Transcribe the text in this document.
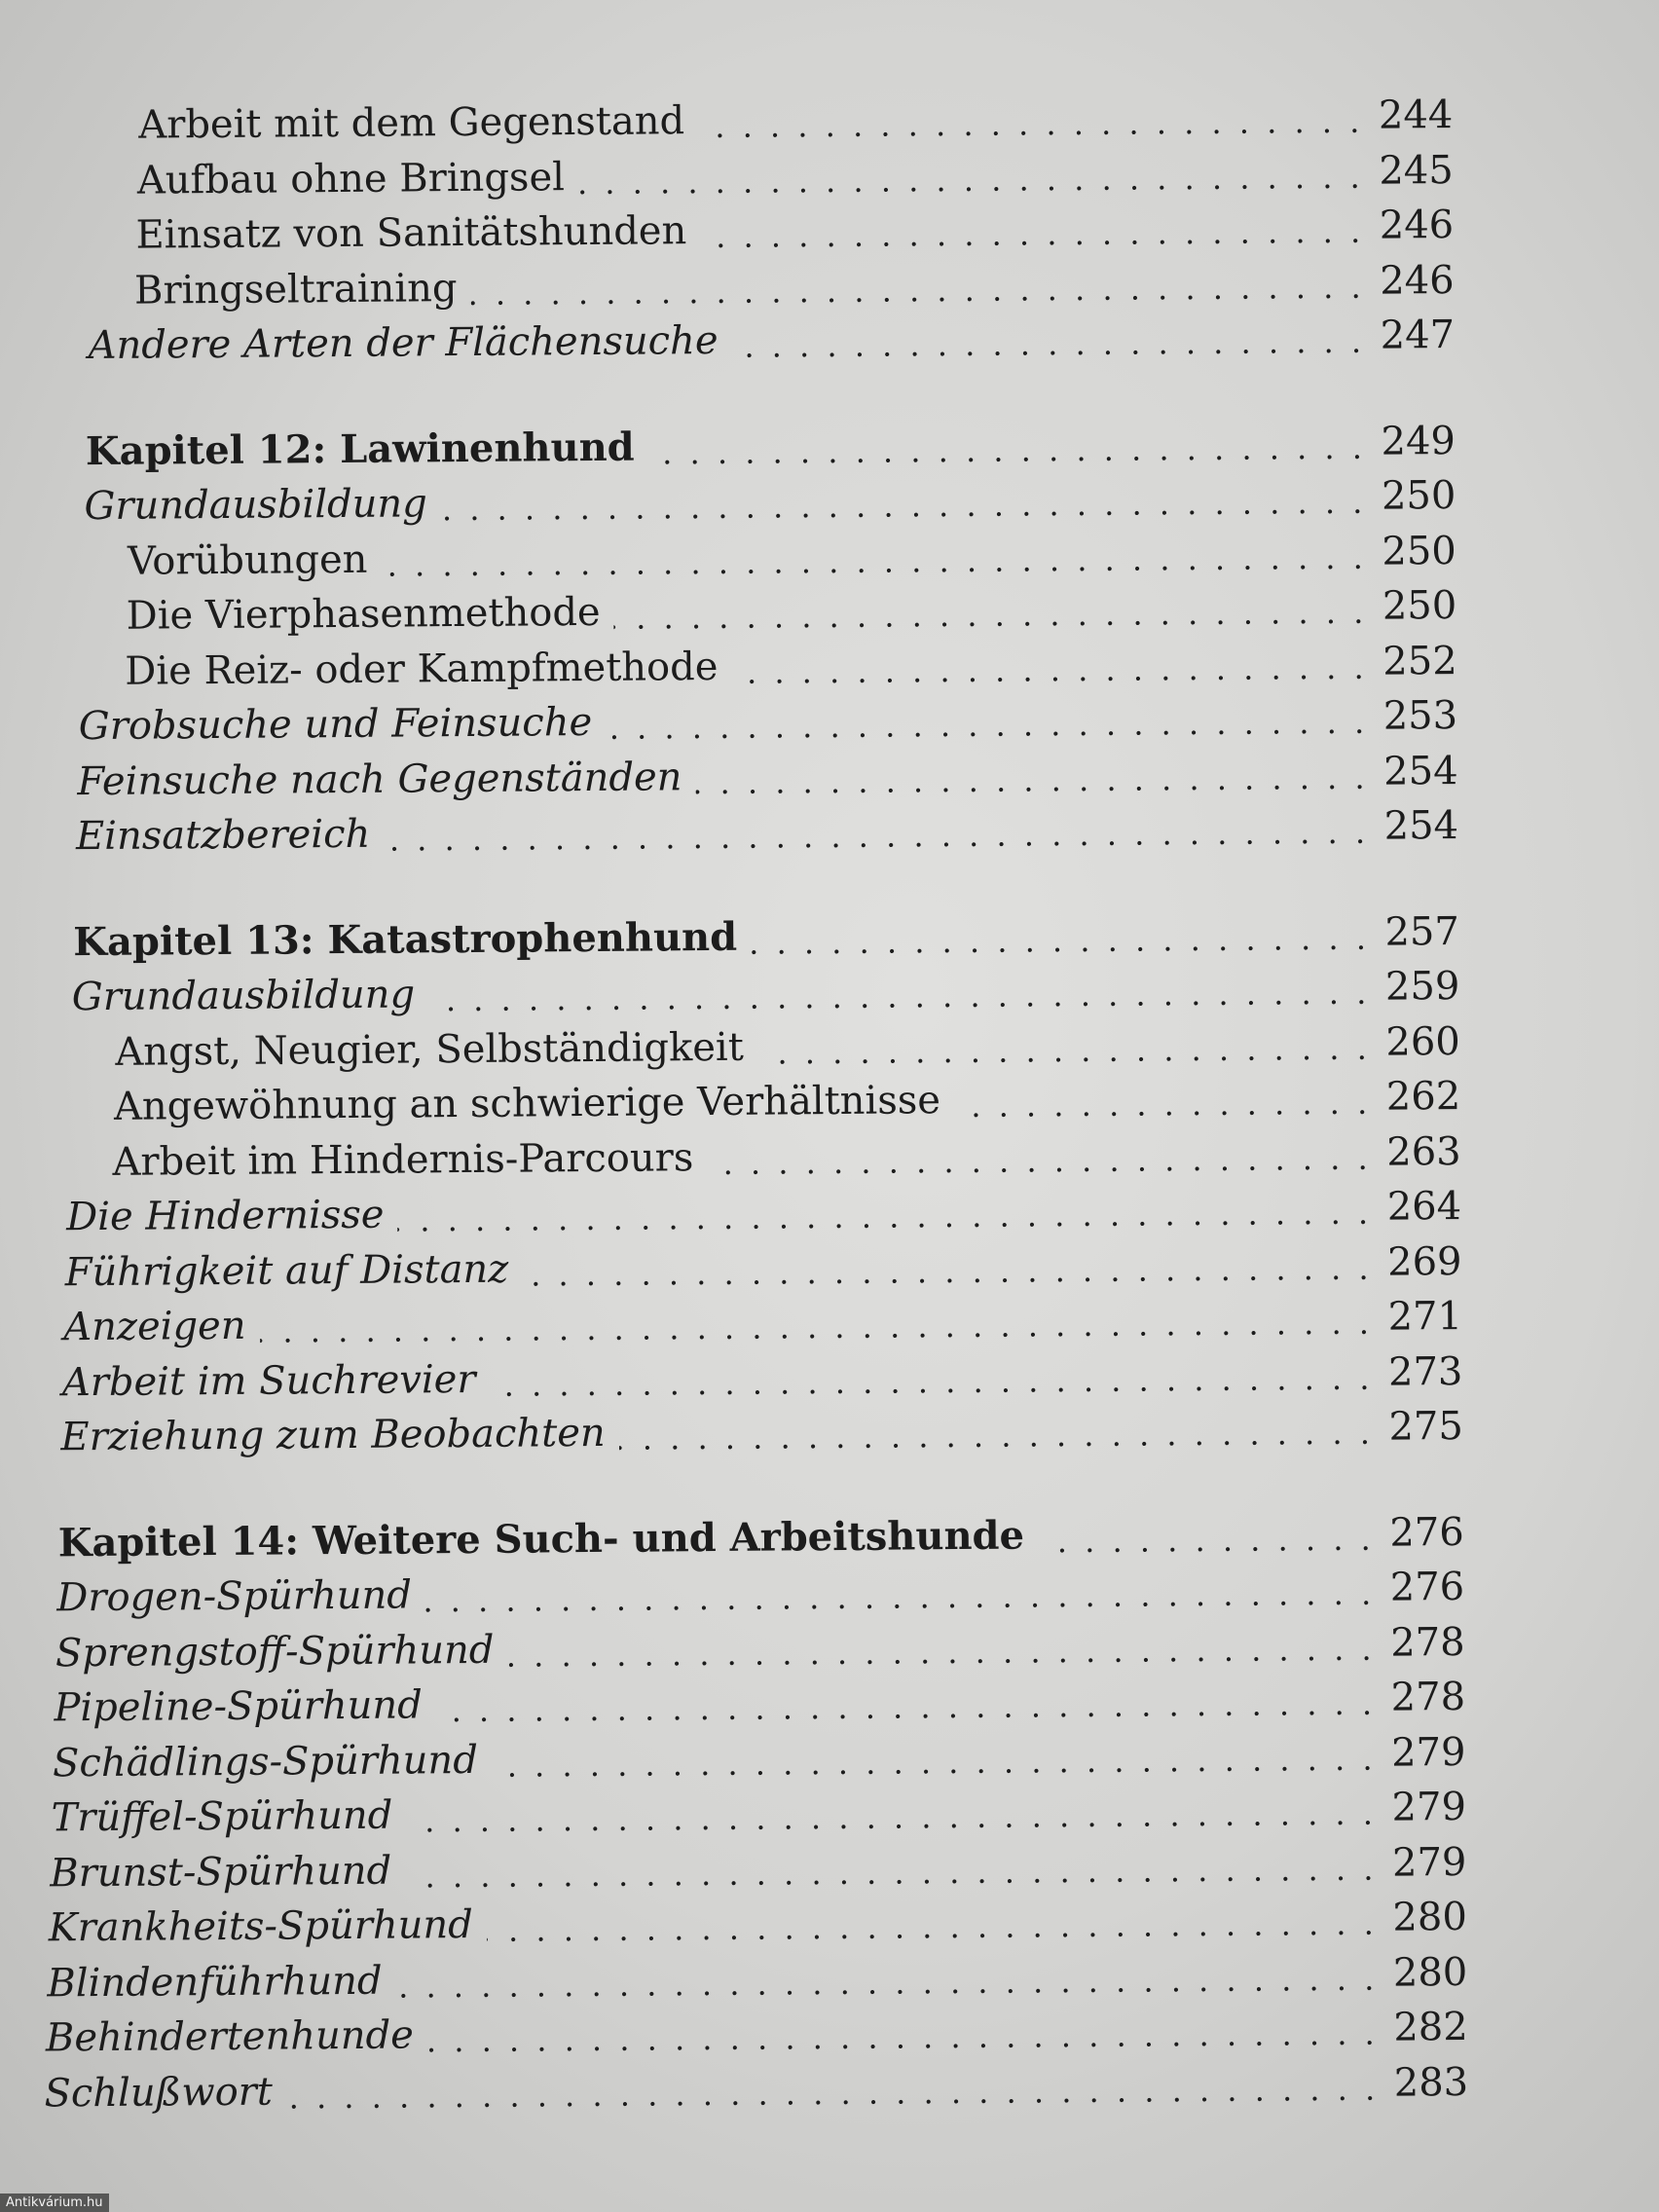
Arbeit mit dem Gegenstand . . .	244
Aufbau ohne Bringsel . . .	245
Einsatz von Sanitätshunden . . .	246
Bringseltraining . . .	246
Andere Arten der Flächensuche . . .	247
Kapitel 12: Lawinenhund . . .	249
Grundausbildung . . .	250
Vorübungen . . .	250
Die Vierphasenmethode . . .	250
Die Reiz- oder Kampfmethode . . .	252
Grobsuche und Feinsuche . . .	253
Feinsuche nach Gegenständen . . .	254
Einsatzbereich . . .	254
Kapitel 13: Katastrophenhund . . .	257
Grundausbildung . . .	259
Angst, Neugier, Selbständigkeit . . .	260
Angewöhnung an schwierige Verhältnisse . . .	262
Arbeit im Hindernis-Parcours . . .	263
Die Hindernisse . . .	264
Führigkeit auf Distanz . . .	269
Anzeigen . . .	271
Arbeit im Suchrevier . . .	273
Erziehung zum Beobachten . . .	275
Kapitel 14: Weitere Such- und Arbeitshunde . . .	276
Drogen-Spürhund . . .	276
Sprengstoff-Spürhund . . .	278
Pipeline-Spürhund . . .	278
Schädlings-Spürhund . . .	279
Trüffel-Spürhund . . .	279
Brunst-Spürhund . . .	279
Krankheits-Spürhund . . .	280
Blindenführhund . . .	280
Behindertenhunde . . .	282
Schlußwort . . .	283
Antikvárium.hu
